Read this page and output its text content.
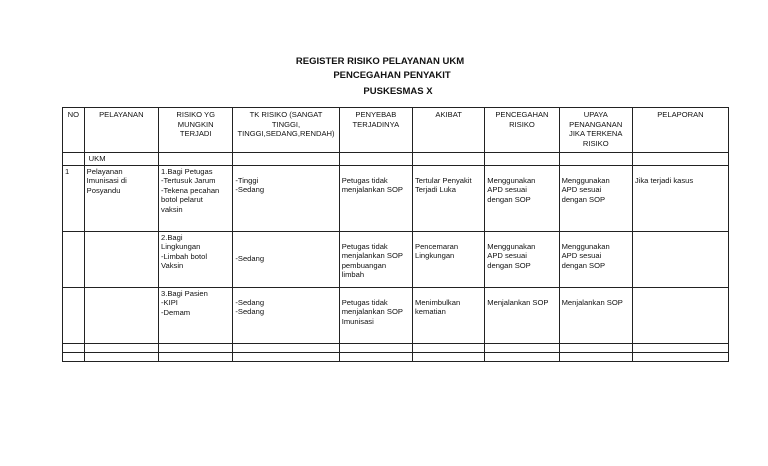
REGISTER RISIKO PELAYANAN UKM
PENCEGAHAN PENYAKIT
PUSKESMAS X
NO	PELAYANAN	RISIKO YG
MUNGKIN
TERJADI	TK RISIKO (SANGAT
TINGGI,
TINGGI,SEDANG,RENDAH)	PENYEBAB
TERJADINYA	AKIBAT	PENCEGAHAN
RISIKO	UPAYA
PENANGANAN
JIKA TERKENA
RISIKO	PELAPORAN
	UKM							

1	Pelayanan
Imunisasi di
Posyandu	1.Bagi Petugas
-Tertusuk Jarum
-Tekena pecahan
botol pelarut
vaksin	-Tinggi
-Sedang	Petugas tidak
menjalankan SOP	Tertular Penyakit
Terjadi Luka	Menggunakan
APD sesuai
dengan SOP	Menggunakan
APD sesuai
dengan SOP	Jika terjadi kasus

		2.Bagi
Lingkungan
-Limbah botol
Vaksin	-Sedang	Petugas tidak
menjalankan SOP
pembuangan
limbah	Pencemaran
Lingkungan	Menggunakan
APD sesuai
dengan SOP	Menggunakan
APD sesuai
dengan SOP	

		3.Bagi Pasien
-KIPI
-Demam	-Sedang
-Sedang	Petugas tidak
menjalankan SOP
Imunisasi	Menimbulkan
kematian	Menjalankan SOP	Menjalankan SOP	
